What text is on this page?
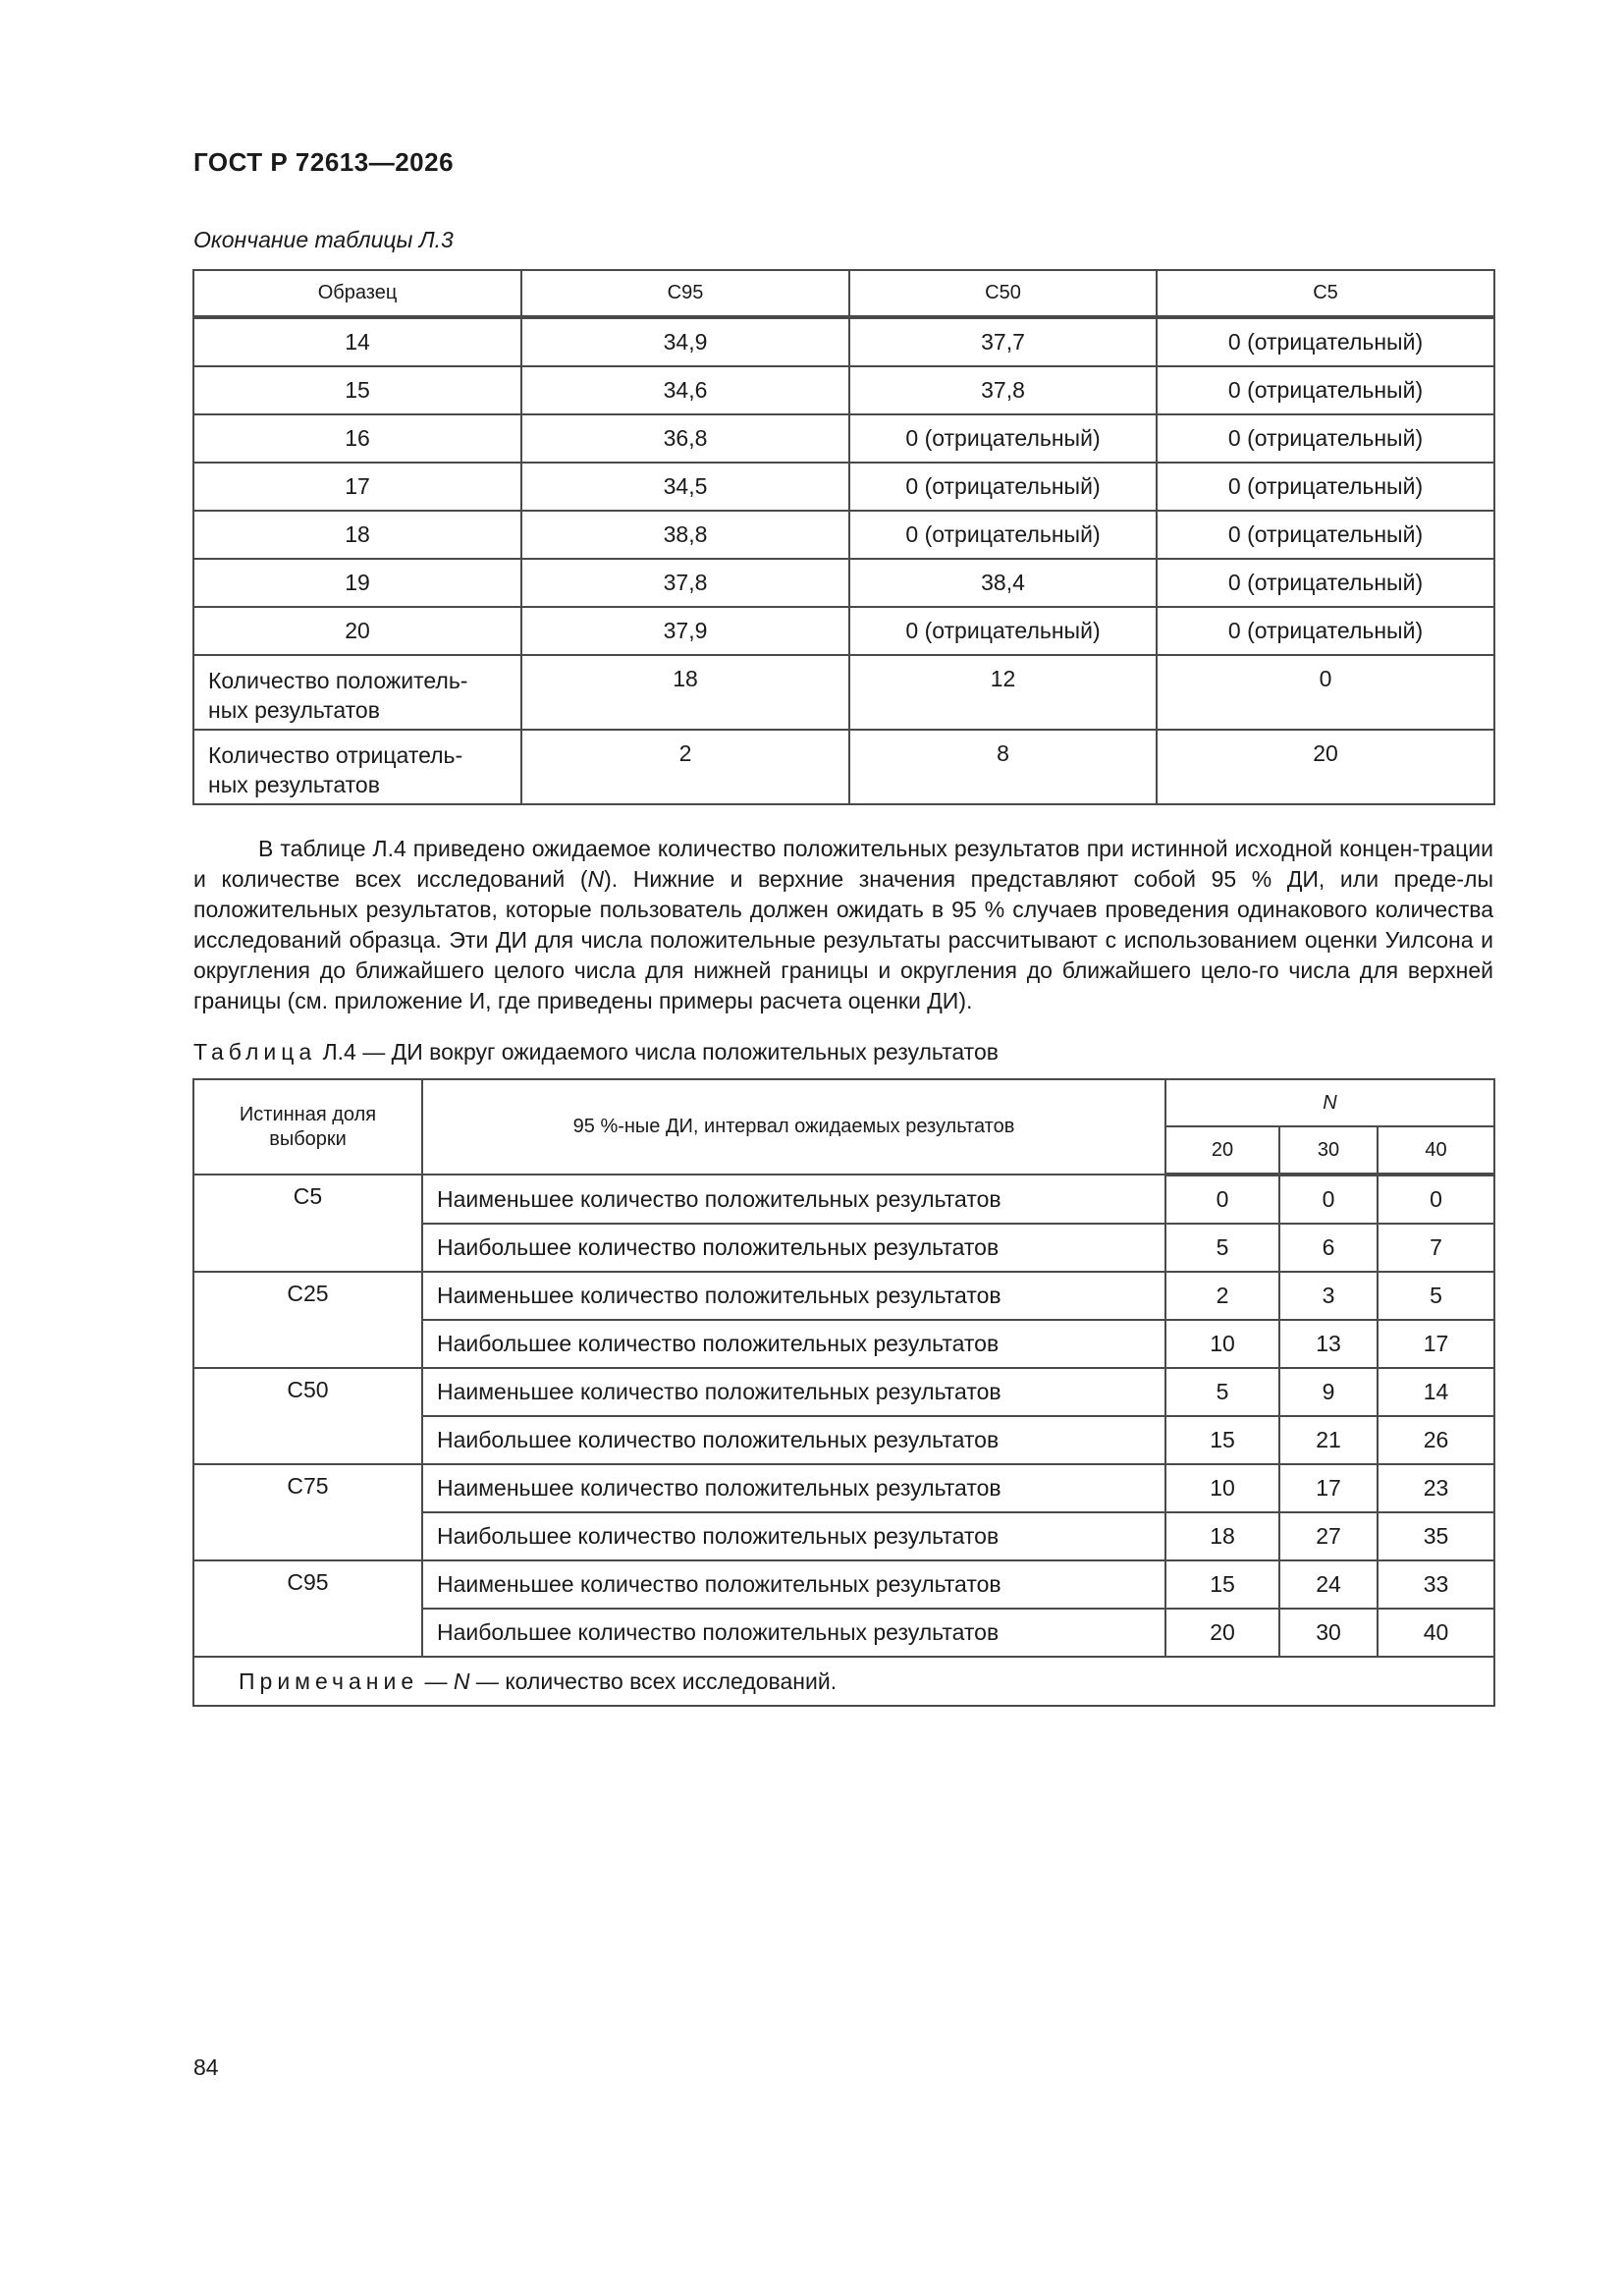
ГОСТ Р 72613—2026
Окончание таблицы Л.3
Образец	C95	C50	C5
14	34,9	37,7	0 (отрицательный)
15	34,6	37,8	0 (отрицательный)
16	36,8	0 (отрицательный)	0 (отрицательный)
17	34,5	0 (отрицательный)	0 (отрицательный)
18	38,8	0 (отрицательный)	0 (отрицательный)
19	37,8	38,4	0 (отрицательный)
20	37,9	0 (отрицательный)	0 (отрицательный)
Количество положитель-
ных результатов	18	12	0
Количество отрицатель-
ных результатов	2	8	20

В таблице Л.4 приведено ожидаемое количество положительных результатов при истинной исходной концен-трации и количестве всех исследований (N). Нижние и верхние значения представляют собой 95 % ДИ, или преде-лы положительных результатов, которые пользователь должен ожидать в 95 % случаев проведения одинакового количества исследований образца. Эти ДИ для числа положительные результаты рассчитывают с использованием оценки Уилсона и округления до ближайшего целого числа для нижней границы и округления до ближайшего цело-го числа для верхней границы (см. приложение И, где приведены примеры расчета оценки ДИ).

Таблица Л.4 — ДИ вокруг ожидаемого числа положительных результатов
Истинная доля
выборки	95 %-ные ДИ, интервал ожидаемых результатов	N		
		20	30	40
C5	Наименьшее количество положительных результатов	0	0	0
	Наибольшее количество положительных результатов	5	6	7
C25	Наименьшее количество положительных результатов	2	3	5
	Наибольшее количество положительных результатов	10	13	17
C50	Наименьшее количество положительных результатов	5	9	14
	Наибольшее количество положительных результатов	15	21	26
C75	Наименьшее количество положительных результатов	10	17	23
	Наибольшее количество положительных результатов	18	27	35
C95	Наименьшее количество положительных результатов	15	24	33
	Наибольшее количество положительных результатов	20	30	40
Примечание — N — количество всех исследований.				
84
